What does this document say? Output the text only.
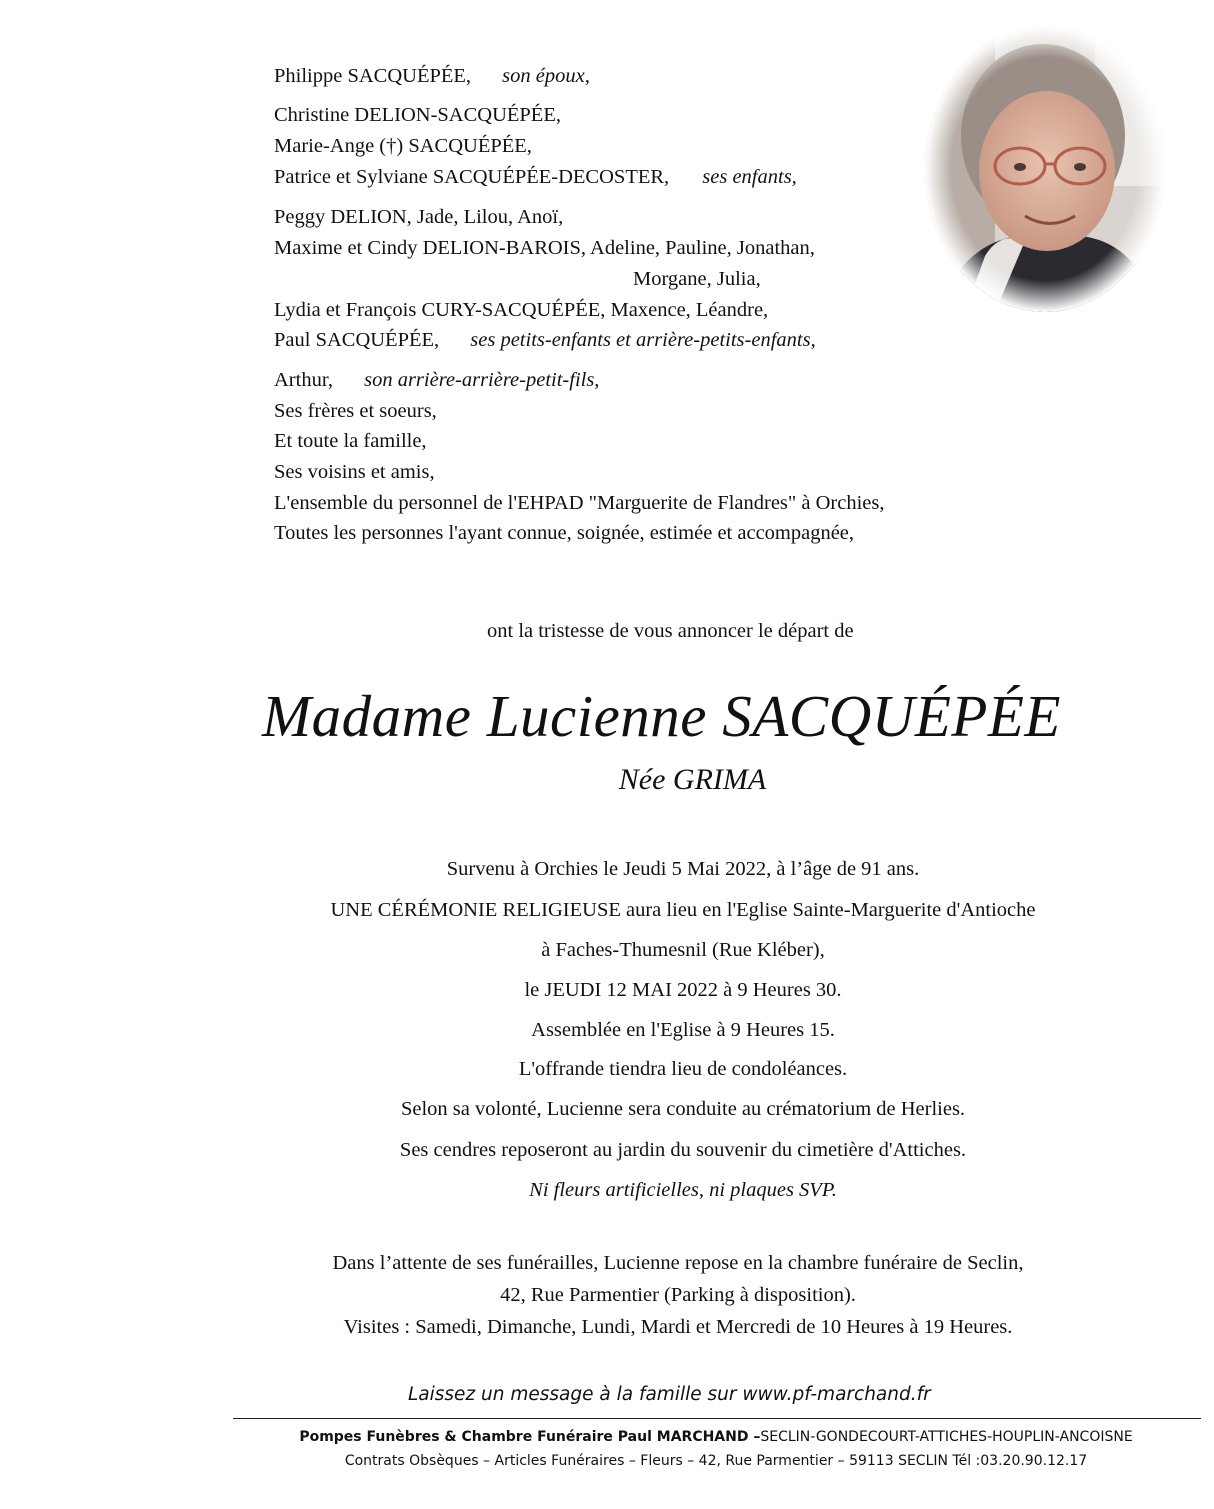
Philippe SACQUÉPÉE, son époux,
Christine DELION-SACQUÉPÉE,
Marie-Ange (†) SACQUÉPÉE,
Patrice et Sylviane SACQUÉPÉE-DECOSTER, ses enfants,
Peggy DELION, Jade, Lilou, Anoï,
Maxime et Cindy DELION-BAROIS, Adeline, Pauline, Jonathan,
Morgane, Julia,
Lydia et François CURY-SACQUÉPÉE, Maxence, Léandre,
Paul SACQUÉPÉE, ses petits-enfants et arrière-petits-enfants,
Arthur, son arrière-arrière-petit-fils,
Ses frères et soeurs,
Et toute la famille,
Ses voisins et amis,
L'ensemble du personnel de l'EHPAD "Marguerite de Flandres" à Orchies,
Toutes les personnes l'ayant connue, soignée, estimée et accompagnée,
ont la tristesse de vous annoncer le départ de
Madame Lucienne SACQUÉPÉE
Née GRIMA
Survenu à Orchies le Jeudi 5 Mai 2022, à l’âge de 91 ans.
UNE CÉRÉMONIE RELIGIEUSE aura lieu en l'Eglise Sainte-Marguerite d'Antioche
à Faches-Thumesnil (Rue Kléber),
le JEUDI 12 MAI 2022 à 9 Heures 30.
Assemblée en l'Eglise à 9 Heures 15.
L'offrande tiendra lieu de condoléances.
Selon sa volonté, Lucienne sera conduite au crématorium de Herlies.
Ses cendres reposeront au jardin du souvenir du cimetière d'Attiches.
Ni fleurs artificielles, ni plaques SVP.
Dans l’attente de ses funérailles, Lucienne repose en la chambre funéraire de Seclin,
42, Rue Parmentier (Parking à disposition).
Visites : Samedi, Dimanche, Lundi, Mardi et Mercredi de 10 Heures à 19 Heures.
Laissez un message à la famille sur www.pf-marchand.fr
Pompes Funèbres & Chambre Funéraire Paul MARCHAND –SECLIN-GONDECOURT-ATTICHES-HOUPLIN-ANCOISNE
Contrats Obsèques – Articles Funéraires – Fleurs – 42, Rue Parmentier – 59113 SECLIN Tél :03.20.90.12.17
